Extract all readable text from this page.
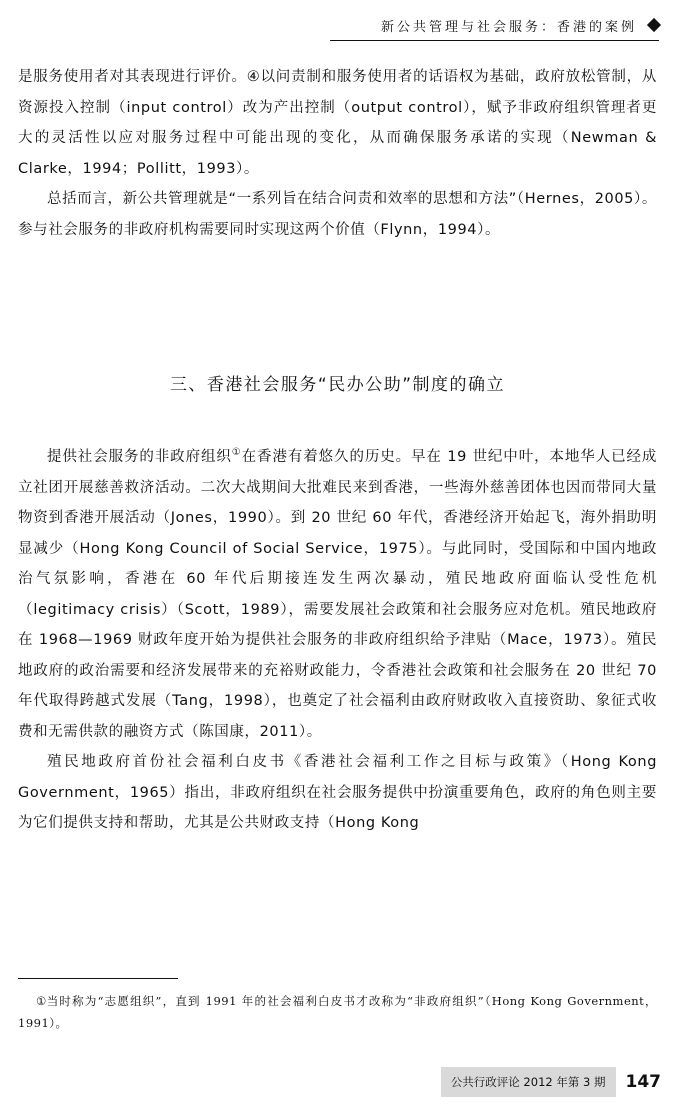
新公共管理与社会服务：香港的案例

是服务使用者对其表现进行评价。④以问责制和服务使用者的话语权为基础，政府放松管制，从资源投入控制（input control）改为产出控制（output control），赋予非政府组织管理者更大的灵活性以应对服务过程中可能出现的变化，从而确保服务承诺的实现（Newman & Clarke，1994；Pollitt，1993）。

总括而言，新公共管理就是“一系列旨在结合问责和效率的思想和方法”（Hernes，2005）。参与社会服务的非政府机构需要同时实现这两个价值（Flynn，1994）。

三、香港社会服务“民办公助”制度的确立

提供社会服务的非政府组织①在香港有着悠久的历史。早在 19 世纪中叶，本地华人已经成立社团开展慈善救济活动。二次大战期间大批难民来到香港，一些海外慈善团体也因而带同大量物资到香港开展活动（Jones，1990）。到 20 世纪 60 年代，香港经济开始起飞，海外捐助明显减少（Hong Kong Council of Social Service，1975）。与此同时，受国际和中国内地政治气氛影响，香港在 60 年代后期接连发生两次暴动，殖民地政府面临认受性危机（legitimacy crisis）（Scott，1989），需要发展社会政策和社会服务应对危机。殖民地政府在 1968—1969 财政年度开始为提供社会服务的非政府组织给予津贴（Mace，1973）。殖民地政府的政治需要和经济发展带来的充裕财政能力，令香港社会政策和社会服务在 20 世纪 70 年代取得跨越式发展（Tang，1998），也奠定了社会福利由政府财政收入直接资助、象征式收费和无需供款的融资方式（陈国康，2011）。

殖民地政府首份社会福利白皮书《香港社会福利工作之目标与政策》（Hong Kong Government，1965）指出，非政府组织在社会服务提供中扮演重要角色，政府的角色则主要为它们提供支持和帮助，尤其是公共财政支持（Hong Kong

①当时称为“志愿组织”，直到 1991 年的社会福利白皮书才改称为“非政府组织”（Hong Kong Government，1991）。
公共行政评论 2012 年第 3 期	147
